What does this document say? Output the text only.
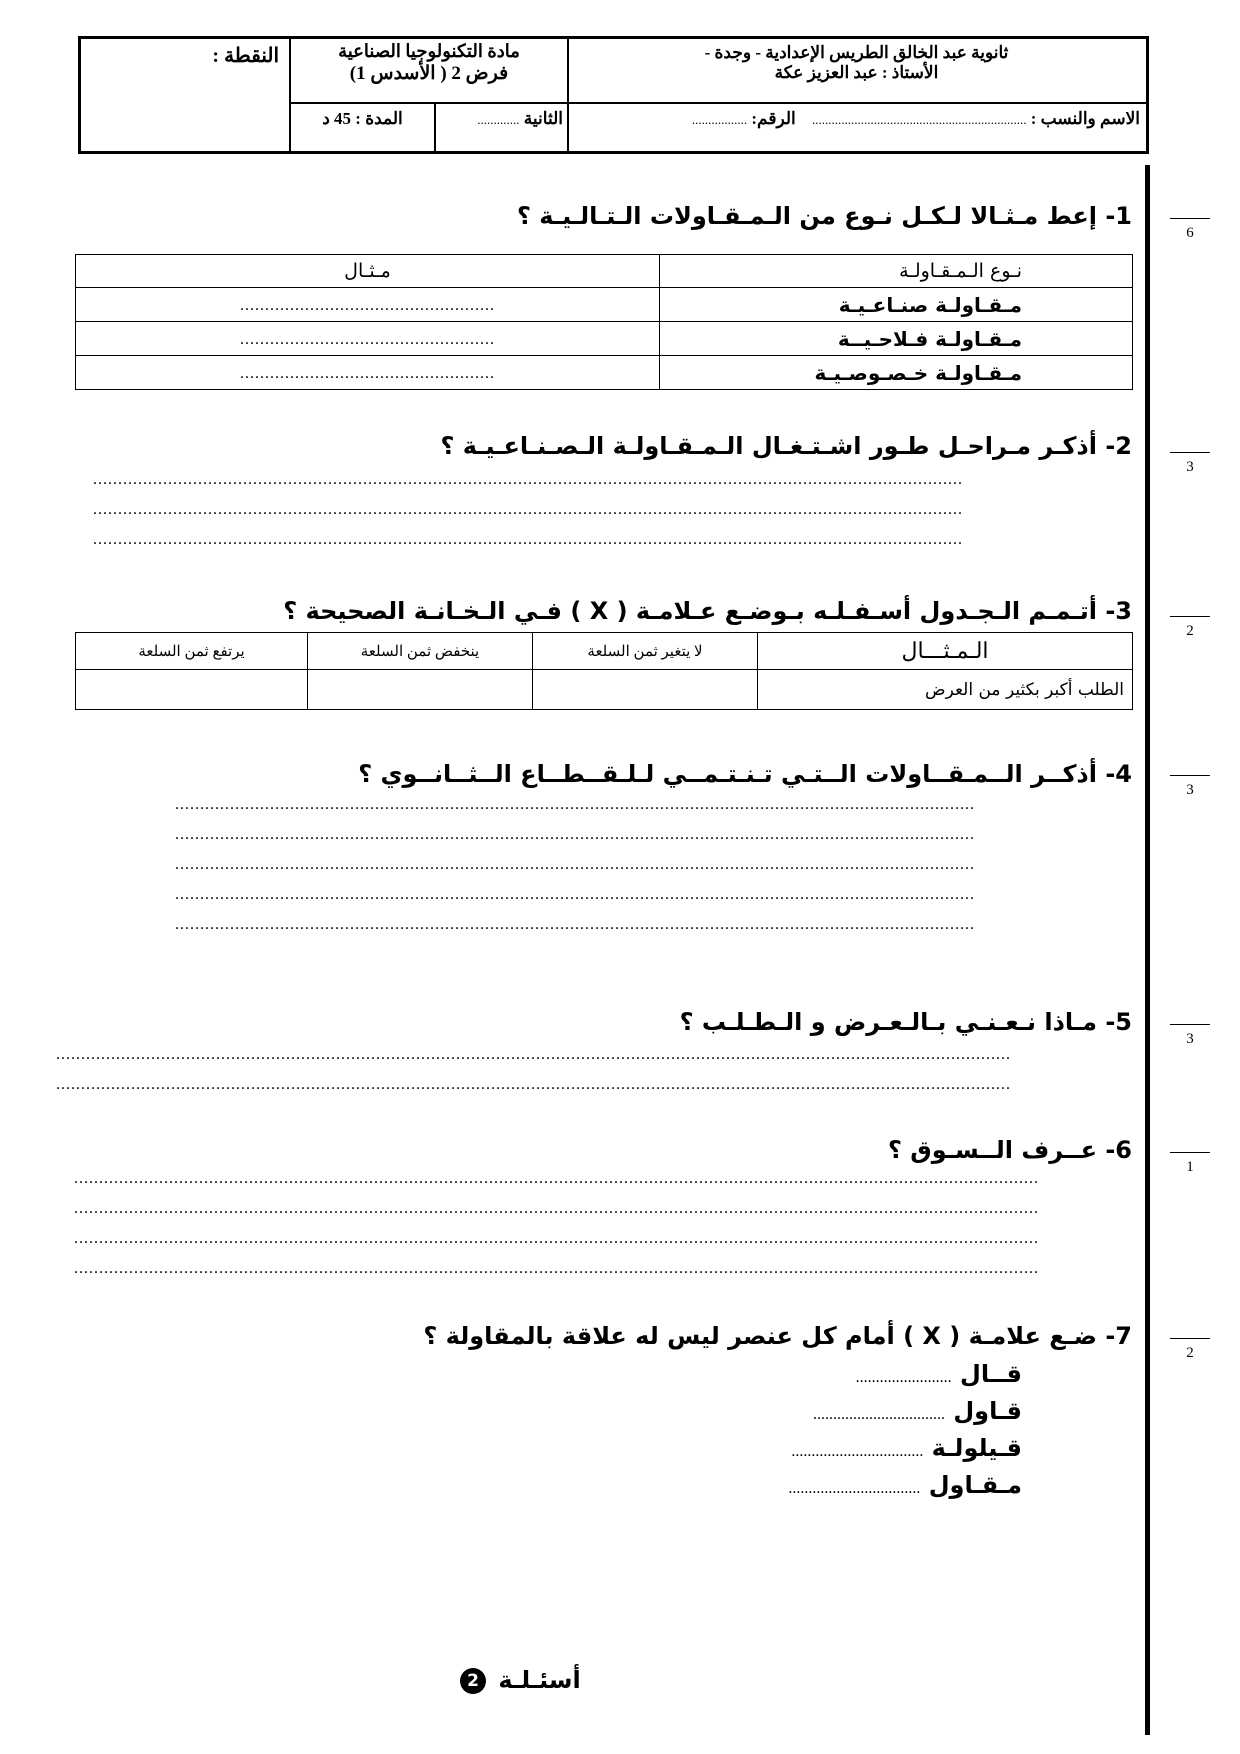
ثانوية عبد الخالق الطريس الإعدادية - وجدة -
الأستاذ : عبد العزيز عكة
مادة التكنولوجيا الصناعية
فرض 2 ( الأسدس 1)
النقطة :
الاسم والنسب : .................................................................. الرقم: .................
الثانية .............
المدة : 45 د
6
3
2
3
3
1
2
1- إعط مـثـالا لـكـل نـوع من الـمـقـاولات الـتـالـيـة ؟
نـوع الـمـقـاولـة	مـثـال
مـقـاولـة صنـاعـيـة	...................................................
مـقـاولـة فـلاحـيــة	...................................................
مـقـاولـة خـصـوصـيـة	...................................................
2- أذكـر مـراحـل طـور اشـتـغـال الـمـقـاولـة الـصـنـاعـيـة ؟
..............................................................................................................................................................................
..............................................................................................................................................................................
..............................................................................................................................................................................
3- أتـمـم الـجـدول أسـفـلـه بـوضـع عـلامـة ( X ) فـي الـخـانـة الصحيحة ؟
الـمـثـــال	لا يتغير ثمن السلعة	ينخفض ثمن السلعة	يرتفع ثمن السلعة
الطلب أكبر بكثير من العرض			
4- أذكــر الــمـقــاولات الــتـي تـنـتـمــي لـلـقــطــاع الــثــانــوي ؟
................................................................................................................................................................
................................................................................................................................................................
................................................................................................................................................................
................................................................................................................................................................
................................................................................................................................................................
5- مـاذا نـعـنـي بـالـعـرض و الـطـلـب ؟
...............................................................................................................................................................................................
...............................................................................................................................................................................................
6- عــرف الــسـوق ؟
.................................................................................................................................................................................................
.................................................................................................................................................................................................
.................................................................................................................................................................................................
.................................................................................................................................................................................................
7- ضـع علامـة ( X ) أمام كل عنصر ليس له علاقة بالمقاولة ؟
قــال ........................
قـاول .................................
قـيلولـة .................................
مـقـاول .................................
أسئـلـة 2
